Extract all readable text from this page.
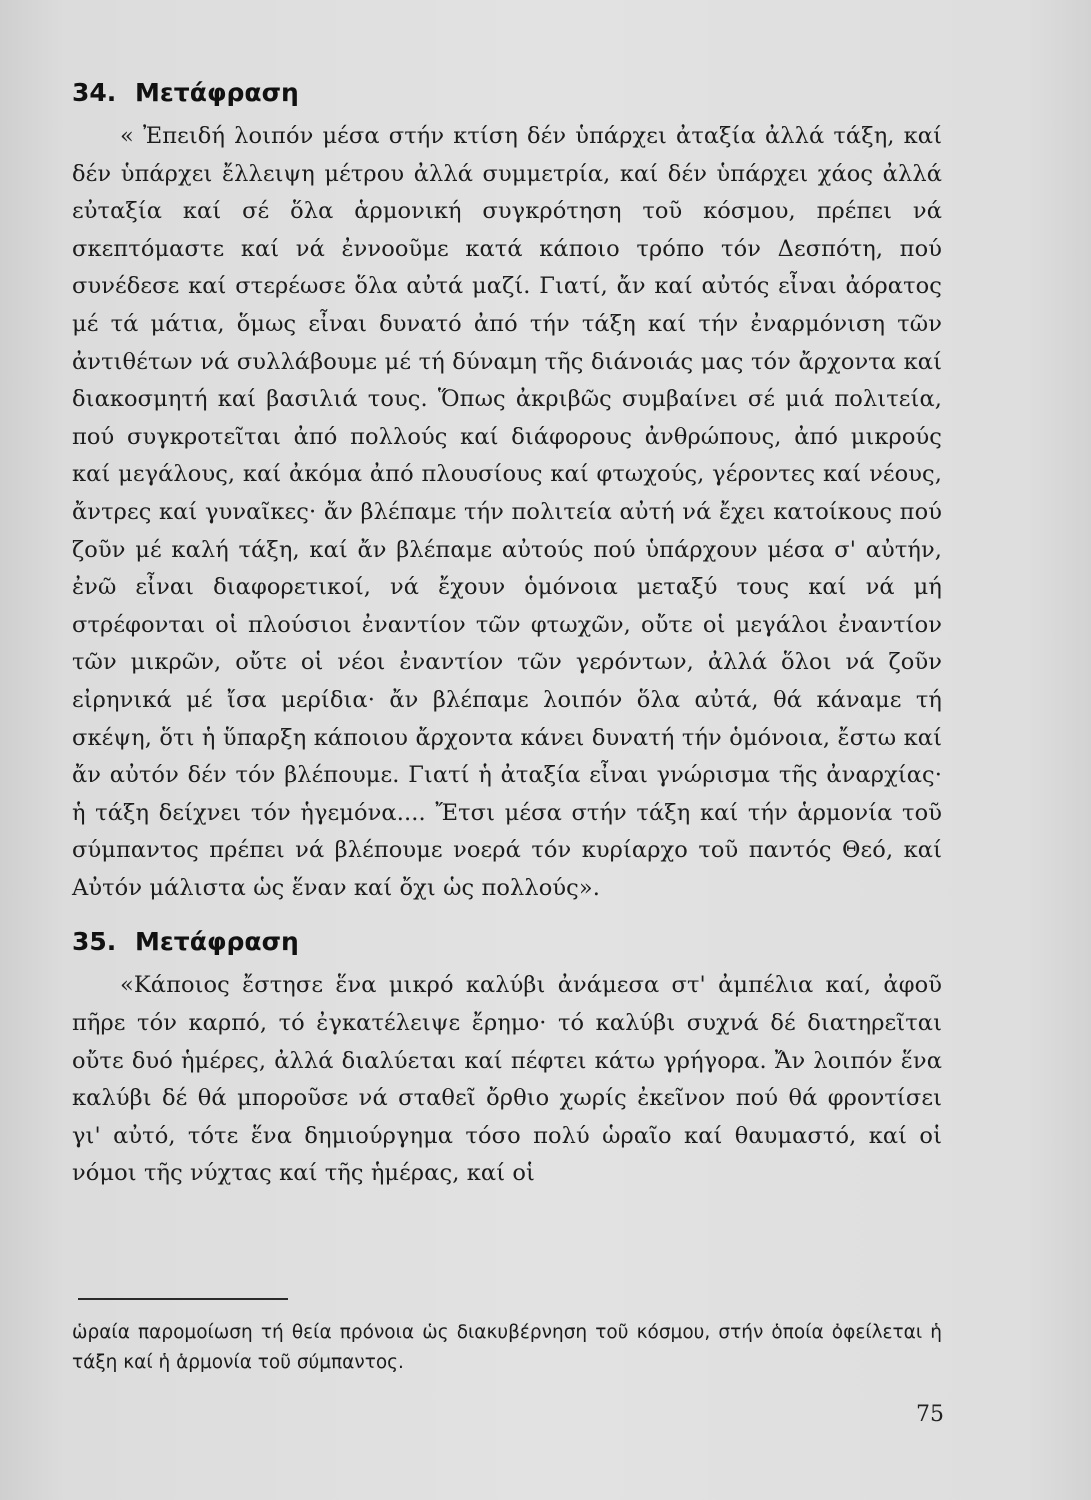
34. Μετάφραση

« Ἐπειδή λοιπόν μέσα στήν κτίση δέν ὑπάρχει ἀταξία ἀλλά τάξη, καί δέν ὑπάρχει ἔλλειψη μέτρου ἀλλά συμμετρία, καί δέν ὑπάρχει χάος ἀλλά εὐταξία καί σέ ὅλα ἁρμονική συγκρότηση τοῦ κόσμου, πρέπει νά σκεπτόμαστε καί νά ἐννοοῦμε κατά κάποιο τρόπο τόν Δεσπότη, πού συνέδεσε καί στερέωσε ὅλα αὐτά μαζί. Γιατί, ἄν καί αὐτός εἶναι ἀόρατος μέ τά μάτια, ὅμως εἶναι δυνατό ἀπό τήν τάξη καί τήν ἐναρμόνιση τῶν ἀντιθέτων νά συλλάβουμε μέ τή δύναμη τῆς διάνοιάς μας τόν ἄρχοντα καί διακοσμητή καί βασιλιά τους. Ὅπως ἀκριβῶς συμβαίνει σέ μιά πολιτεία, πού συγκροτεῖται ἀπό πολλούς καί διάφορους ἀνθρώπους, ἀπό μικρούς καί μεγάλους, καί ἀκόμα ἀπό πλουσίους καί φτωχούς, γέροντες καί νέους, ἄντρες καί γυναῖκες· ἄν βλέπαμε τήν πολιτεία αὐτή νά ἔχει κατοίκους πού ζοῦν μέ καλή τάξη, καί ἄν βλέπαμε αὐτούς πού ὑπάρχουν μέσα σ' αὐτήν, ἐνῶ εἶναι διαφορετικοί, νά ἔχουν ὁμόνοια μεταξύ τους καί νά μή στρέφονται οἱ πλούσιοι ἐναντίον τῶν φτωχῶν, οὔτε οἱ μεγάλοι ἐναντίον τῶν μικρῶν, οὔτε οἱ νέοι ἐναντίον τῶν γερόντων, ἀλλά ὅλοι νά ζοῦν εἰρηνικά μέ ἴσα μερίδια· ἄν βλέπαμε λοιπόν ὅλα αὐτά, θά κάναμε τή σκέψη, ὅτι ἡ ὕπαρξη κάποιου ἄρχοντα κάνει δυνατή τήν ὁμόνοια, ἔστω καί ἄν αὐτόν δέν τόν βλέπουμε. Γιατί ἡ ἀταξία εἶναι γνώρισμα τῆς ἀναρχίας· ἡ τάξη δείχνει τόν ἡγεμόνα.... Ἔτσι μέσα στήν τάξη καί τήν ἁρμονία τοῦ σύμπαντος πρέπει νά βλέπουμε νοερά τόν κυρίαρχο τοῦ παντός Θεό, καί Αὐτόν μάλιστα ὡς ἕναν καί ὄχι ὡς πολλούς».

35. Μετάφραση

«Κάποιος ἔστησε ἕνα μικρό καλύβι ἀνάμεσα στ' ἀμπέλια καί, ἀφοῦ πῆρε τόν καρπό, τό ἐγκατέλειψε ἔρημο· τό καλύβι συχνά δέ διατηρεῖται οὔτε δυό ἡμέρες, ἀλλά διαλύεται καί πέφτει κάτω γρήγορα. Ἄν λοιπόν ἕνα καλύβι δέ θά μποροῦσε νά σταθεῖ ὄρθιο χωρίς ἐκεῖνον πού θά φροντίσει γι' αὐτό, τότε ἕνα δημιούργημα τόσο πολύ ὡραῖο καί θαυμαστό, καί οἱ νόμοι τῆς νύχτας καί τῆς ἡμέρας, καί οἱ

ὡραία παρομοίωση τή θεία πρόνοια ὡς διακυβέρνηση τοῦ κόσμου, στήν ὁποία ὀφείλεται ἡ τάξη καί ἡ ἁρμονία τοῦ σύμπαντος.

75
